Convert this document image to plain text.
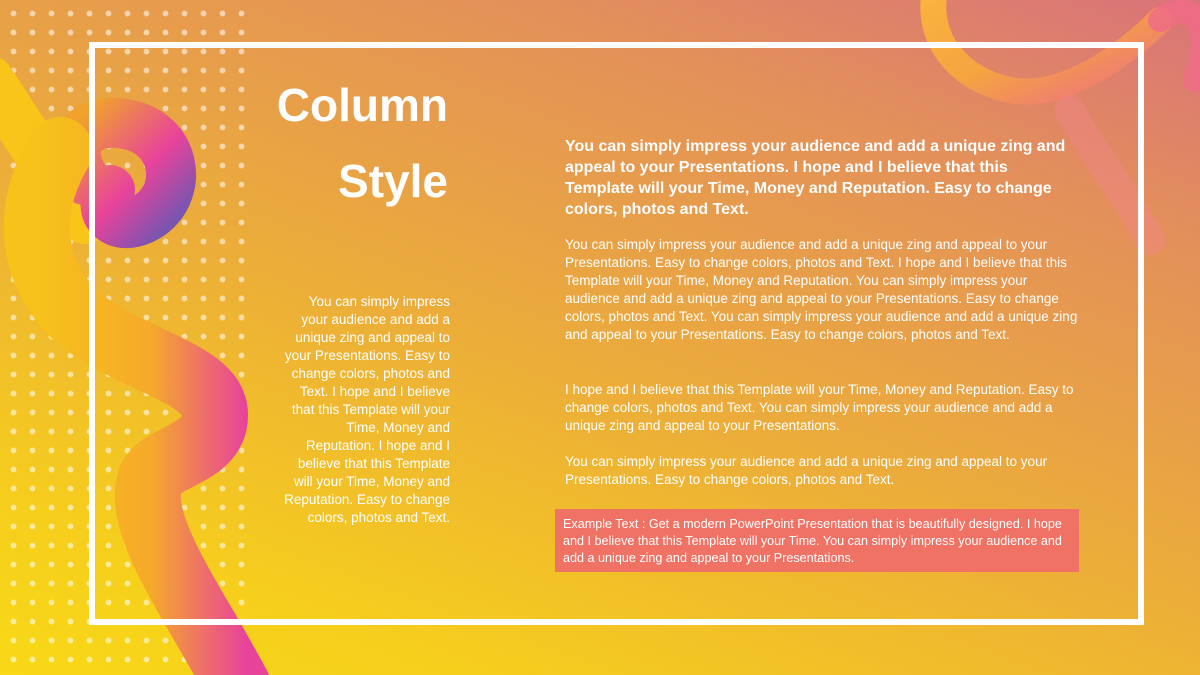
Column
Style
You can simply impress your audience and add a unique zing and appeal to your Presentations. Easy to change colors, photos and Text. I hope and I believe that this Template will your Time, Money and Reputation. I hope and I believe that this Template will your Time, Money and Reputation. Easy to change colors, photos and Text.
You can simply impress your audience and add a unique zing and appeal to your Presentations. I hope and I believe that this Template will your Time, Money and Reputation. Easy to change colors, photos and Text.
You can simply impress your audience and add a unique zing and appeal to your Presentations. Easy to change colors, photos and Text. I hope and I believe that this Template will your Time, Money and Reputation. You can simply impress your audience and add a unique zing and appeal to your Presentations. Easy to change colors, photos and Text. You can simply impress your audience and add a unique zing and appeal to your Presentations. Easy to change colors, photos and Text.
I hope and I believe that this Template will your Time, Money and Reputation. Easy to change colors, photos and Text. You can simply impress your audience and add a unique zing and appeal to your Presentations.
You can simply impress your audience and add a unique zing and appeal to your Presentations. Easy to change colors, photos and Text.
Example Text : Get a modern PowerPoint Presentation that is beautifully designed. I hope and I believe that this Template will your Time. You can simply impress your audience and add a unique zing and appeal to your Presentations.
